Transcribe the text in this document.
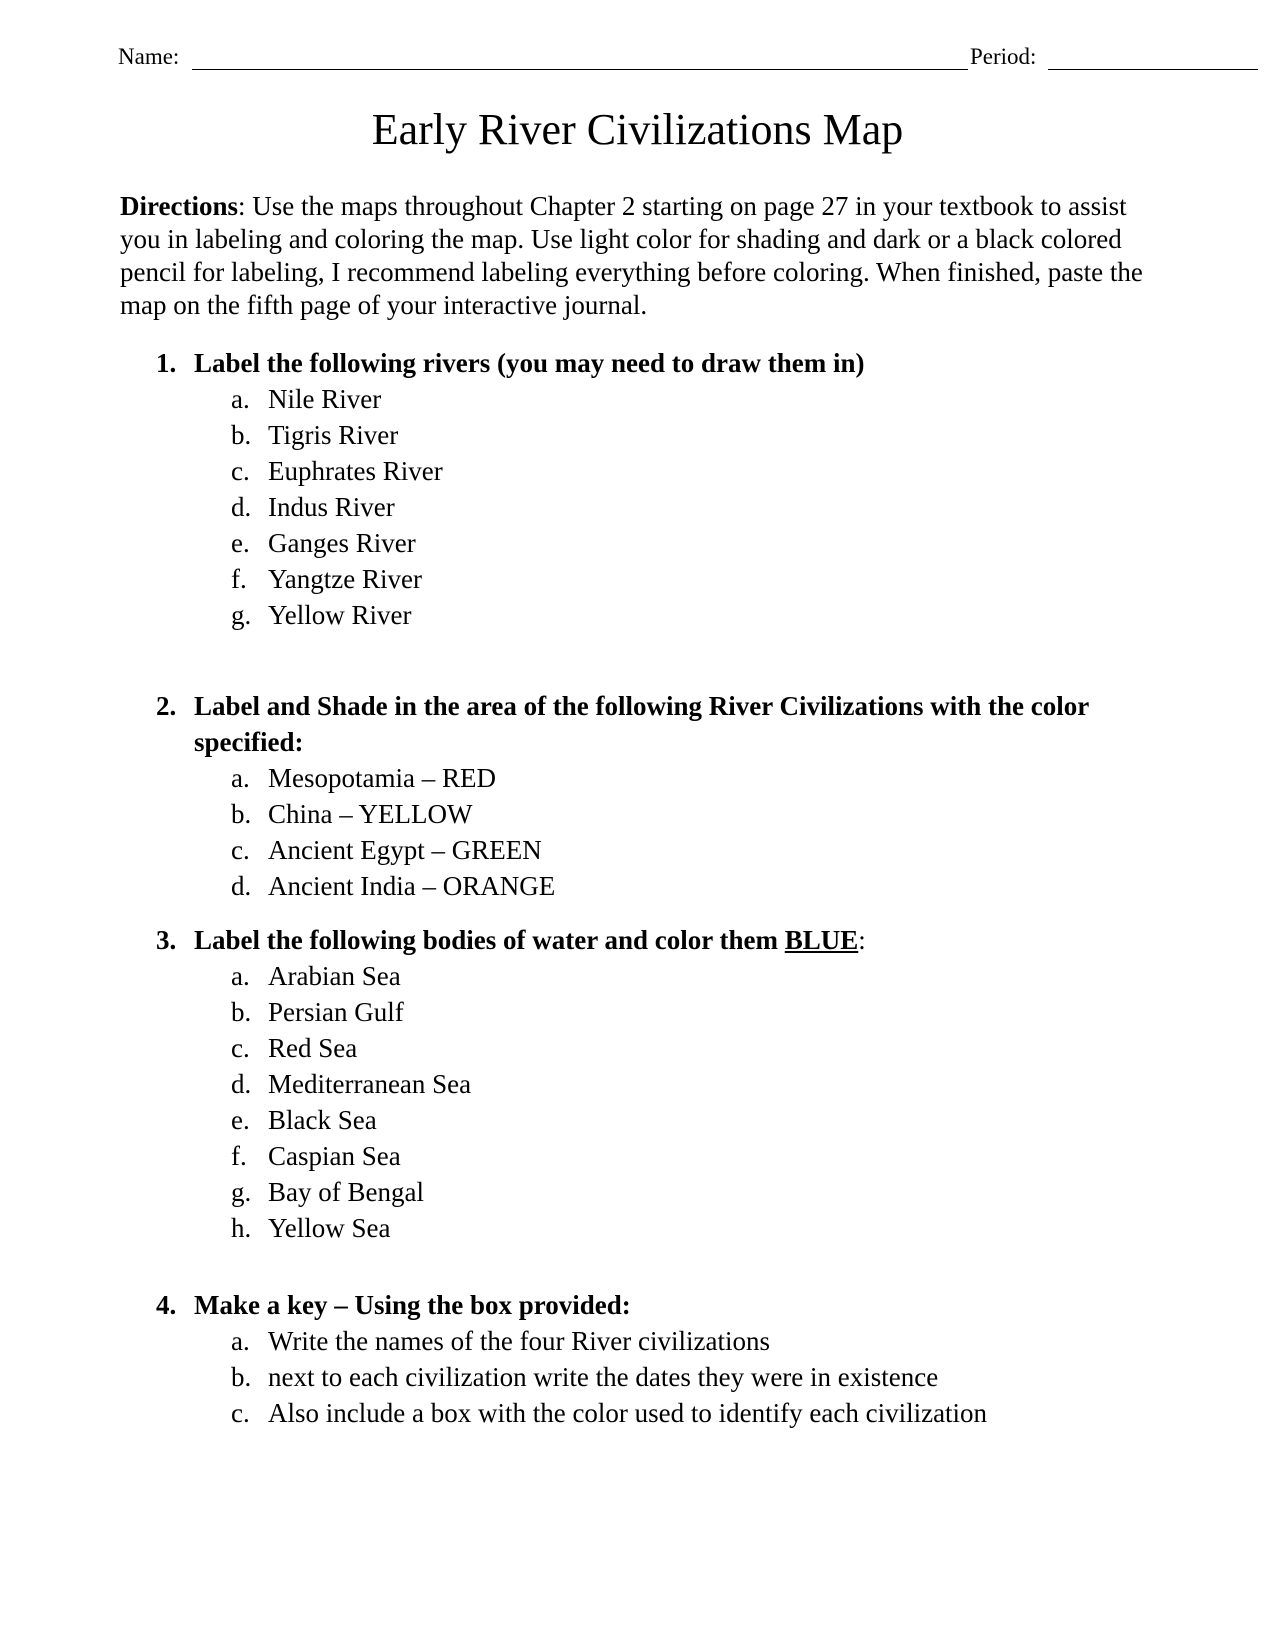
Name:	Period:
Early River Civilizations Map
Directions: Use the maps throughout Chapter 2 starting on page 27 in your textbook to assist you in labeling and coloring the map. Use light color for shading and dark or a black colored pencil for labeling, I recommend labeling everything before coloring. When finished, paste the map on the fifth page of your interactive journal.
1. Label the following rivers (you may need to draw them in)
a. Nile River
b. Tigris River
c. Euphrates River
d. Indus River
e. Ganges River
f. Yangtze River
g. Yellow River
2. Label and Shade in the area of the following River Civilizations with the color specified:
a. Mesopotamia – RED
b. China – YELLOW
c. Ancient Egypt – GREEN
d. Ancient India – ORANGE
3. Label the following bodies of water and color them BLUE:
a. Arabian Sea
b. Persian Gulf
c. Red Sea
d. Mediterranean Sea
e. Black Sea
f. Caspian Sea
g. Bay of Bengal
h. Yellow Sea
4. Make a key – Using the box provided:
a. Write the names of the four River civilizations
b. next to each civilization write the dates they were in existence
c. Also include a box with the color used to identify each civilization
